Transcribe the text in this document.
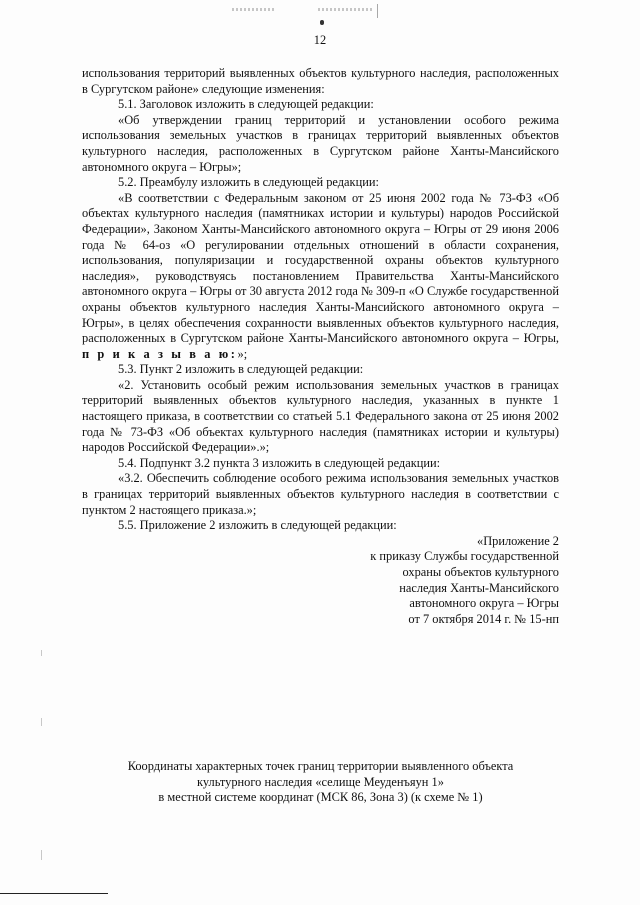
12

использования территорий выявленных объектов культурного наследия, расположенных в Сургутском районе» следующие изменения:

5.1. Заголовок изложить в следующей редакции:

«Об утверждении границ территорий и установлении особого режима использования земельных участков в границах территорий выявленных объектов культурного наследия, расположенных в Сургутском районе Ханты-Мансийского автономного округа – Югры»;

5.2. Преамбулу изложить в следующей редакции:

«В соответствии с Федеральным законом от 25 июня 2002 года № 73-ФЗ «Об объектах культурного наследия (памятниках истории и культуры) народов Российской Федерации», Законом Ханты-Мансийского автономного округа – Югры от 29 июня 2006 года № 64-оз «О регулировании отдельных отношений в области сохранения, использования, популяризации и государственной охраны объектов культурного наследия», руководствуясь постановлением Правительства Ханты-Мансийского автономного округа – Югры от 30 августа 2012 года № 309-п «О Службе государственной охраны объектов культурного наследия Ханты-Мансийского автономного округа – Югры», в целях обеспечения сохранности выявленных объектов культурного наследия, расположенных в Сургутском районе Ханты-Мансийского автономного округа – Югры, п р и к а з ы в а ю:»;

5.3. Пункт 2 изложить в следующей редакции:

«2. Установить особый режим использования земельных участков в границах территорий выявленных объектов культурного наследия, указанных в пункте 1 настоящего приказа, в соответствии со статьей 5.1 Федерального закона от 25 июня 2002 года № 73-ФЗ «Об объектах культурного наследия (памятниках истории и культуры) народов Российской Федерации».»;

5.4. Подпункт 3.2 пункта 3 изложить в следующей редакции:

«3.2. Обеспечить соблюдение особого режима использования земельных участков в границах территорий выявленных объектов культурного наследия в соответствии с пунктом 2 настоящего приказа.»;

5.5. Приложение 2 изложить в следующей редакции:

«Приложение 2

к приказу Службы государственной

охраны объектов культурного

наследия Ханты-Мансийского

автономного округа – Югры

от 7 октября 2014 г. № 15-нп

Координаты характерных точек границ территории выявленного объекта
культурного наследия «селище Меуденъяун 1»
в местной системе координат (МСК 86, Зона 3) (к схеме № 1)
